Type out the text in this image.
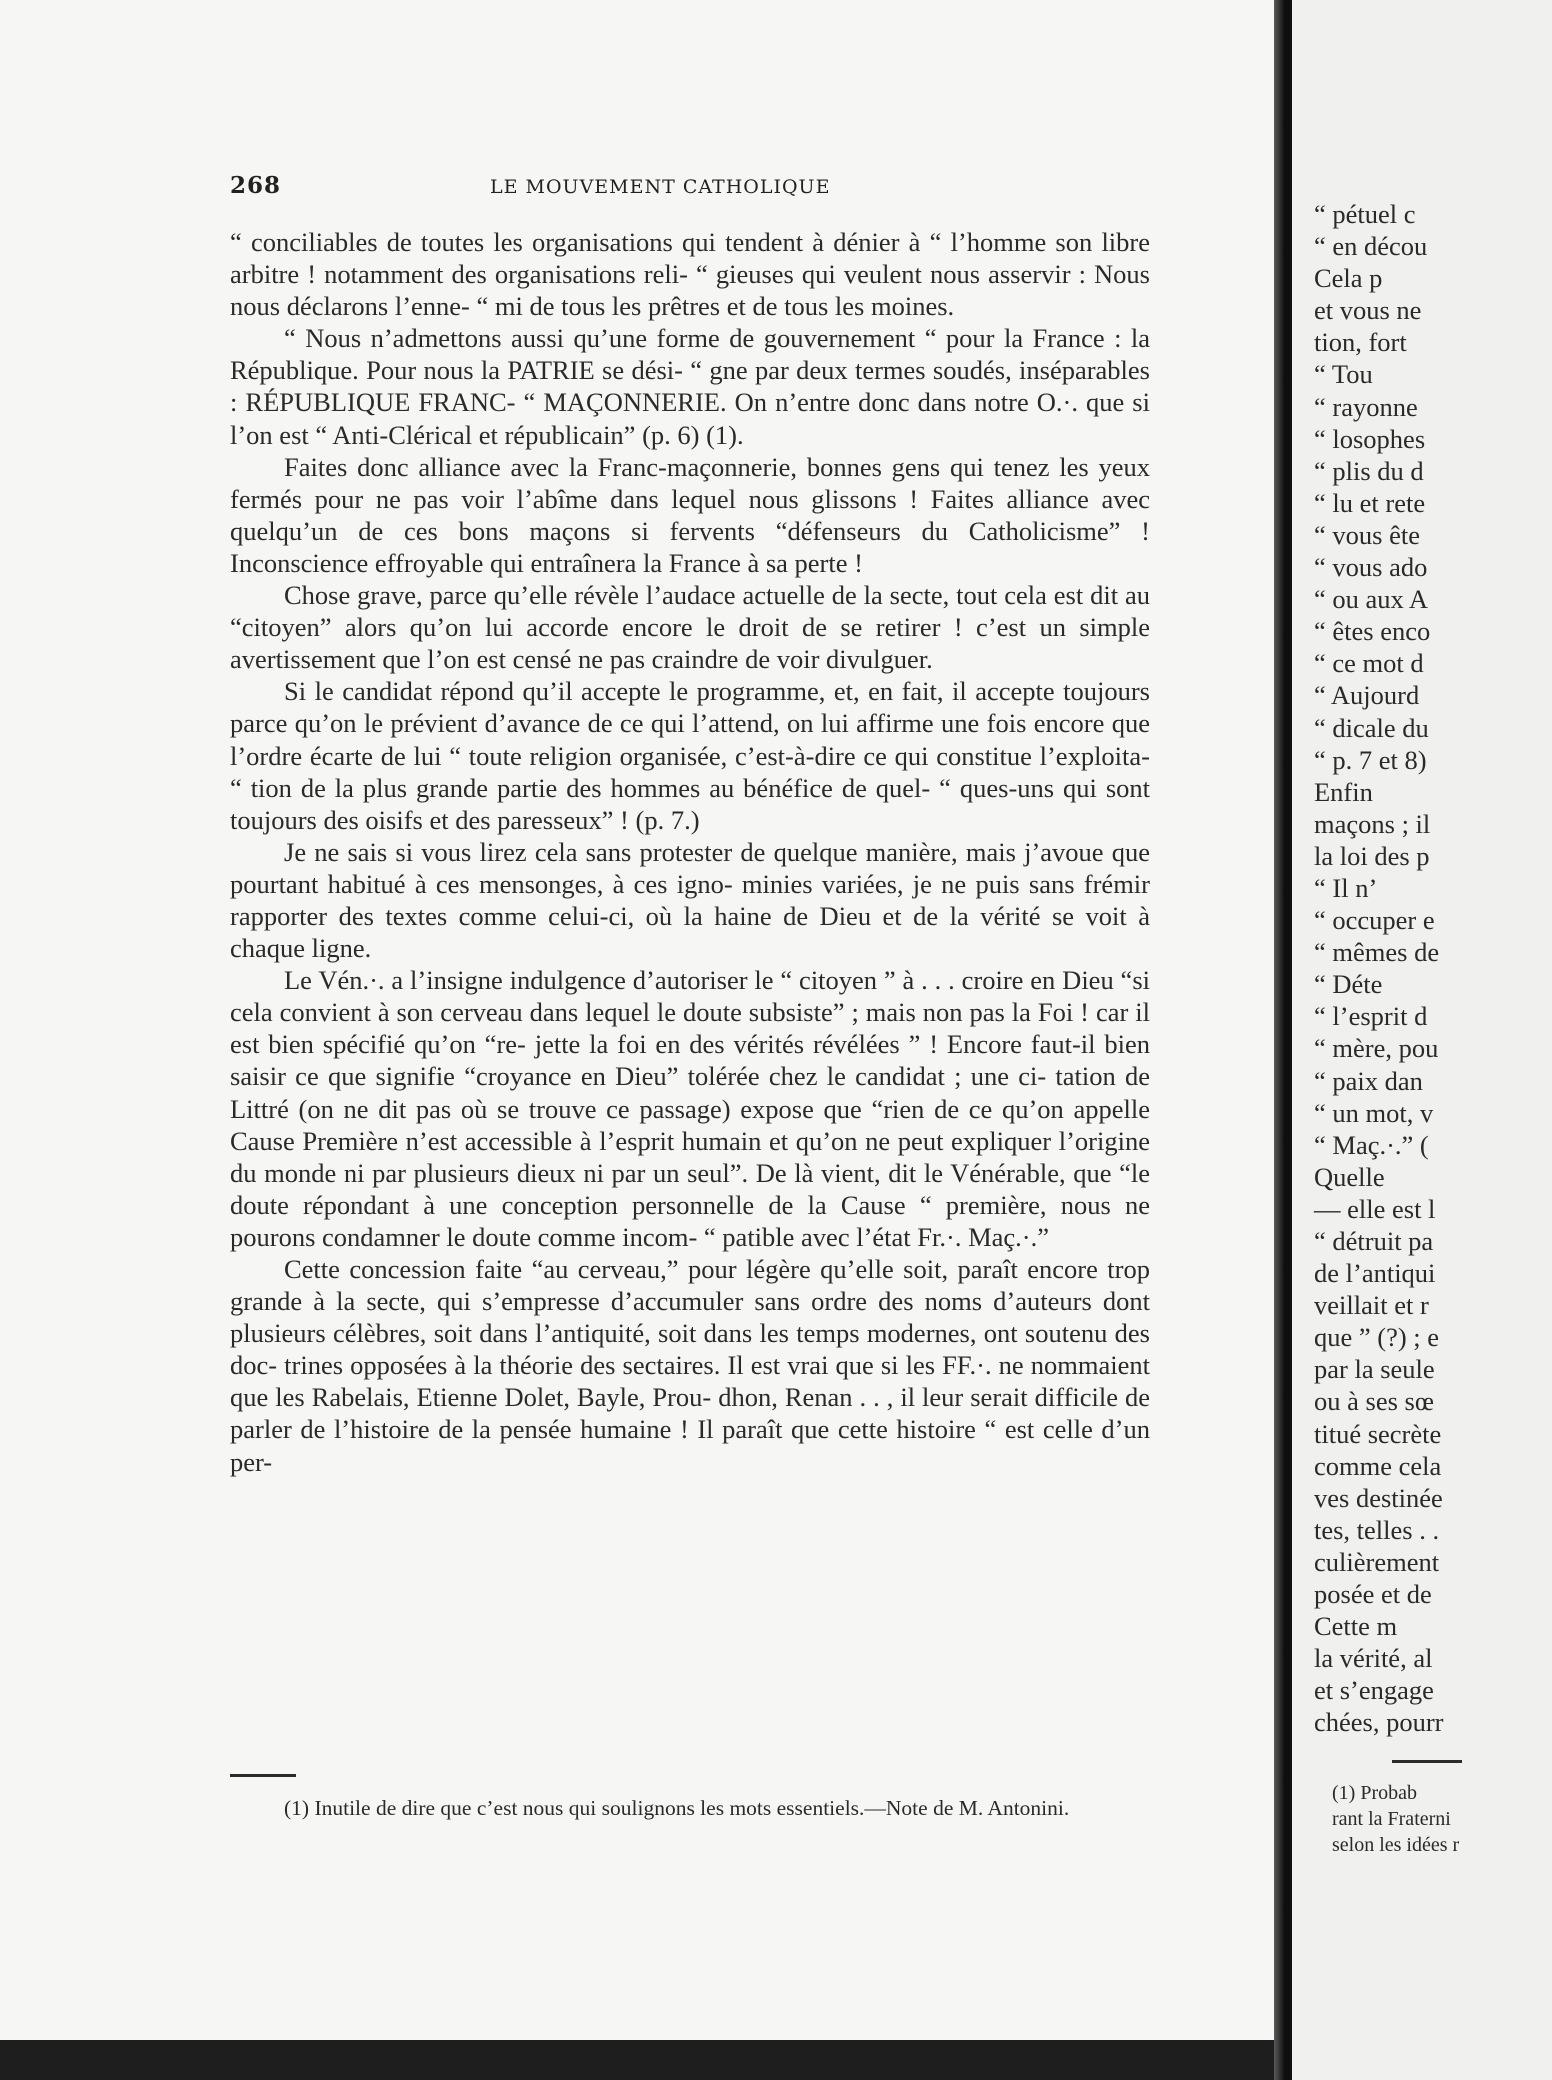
268	LE MOUVEMENT CATHOLIQUE

“ conciliables de toutes les organisations qui tendent à dénier à “ l’homme son libre arbitre ! notamment des organisations reli- “ gieuses qui veulent nous asservir : Nous nous déclarons l’enne- “ mi de tous les prêtres et de tous les moines.

“ Nous n’admettons aussi qu’une forme de gouvernement “ pour la France : la République. Pour nous la PATRIE se dési- “ gne par deux termes soudés, inséparables : RÉPUBLIQUE FRANC- “ MAÇONNERIE. On n’entre donc dans notre O.·. que si l’on est “ Anti-Clérical et républicain” (p. 6) (1).

Faites donc alliance avec la Franc-maçonnerie, bonnes gens qui tenez les yeux fermés pour ne pas voir l’abîme dans lequel nous glissons ! Faites alliance avec quelqu’un de ces bons maçons si fervents “défenseurs du Catholicisme” ! Inconscience effroyable qui entraînera la France à sa perte !

Chose grave, parce qu’elle révèle l’audace actuelle de la secte, tout cela est dit au “citoyen” alors qu’on lui accorde encore le droit de se retirer ! c’est un simple avertissement que l’on est censé ne pas craindre de voir divulguer.

Si le candidat répond qu’il accepte le programme, et, en fait, il accepte toujours parce qu’on le prévient d’avance de ce qui l’attend, on lui affirme une fois encore que l’ordre écarte de lui “ toute religion organisée, c’est-à-dire ce qui constitue l’exploita- “ tion de la plus grande partie des hommes au bénéfice de quel- “ ques-uns qui sont toujours des oisifs et des paresseux” ! (p. 7.)

Je ne sais si vous lirez cela sans protester de quelque manière, mais j’avoue que pourtant habitué à ces mensonges, à ces igno- minies variées, je ne puis sans frémir rapporter des textes comme celui-ci, où la haine de Dieu et de la vérité se voit à chaque ligne.

Le Vén.·. a l’insigne indulgence d’autoriser le “ citoyen ” à . . . croire en Dieu “si cela convient à son cerveau dans lequel le doute subsiste” ; mais non pas la Foi ! car il est bien spécifié qu’on “re- jette la foi en des vérités révélées ” ! Encore faut-il bien saisir ce que signifie “croyance en Dieu” tolérée chez le candidat ; une ci- tation de Littré (on ne dit pas où se trouve ce passage) expose que “rien de ce qu’on appelle Cause Première n’est accessible à l’esprit humain et qu’on ne peut expliquer l’origine du monde ni par plusieurs dieux ni par un seul”. De là vient, dit le Vénérable, que “le doute répondant à une conception personnelle de la Cause “ première, nous ne pourons condamner le doute comme incom- “ patible avec l’état Fr.·. Maç.·.”

Cette concession faite “au cerveau,” pour légère qu’elle soit, paraît encore trop grande à la secte, qui s’empresse d’accumuler sans ordre des noms d’auteurs dont plusieurs célèbres, soit dans l’antiquité, soit dans les temps modernes, ont soutenu des doc- trines opposées à la théorie des sectaires. Il est vrai que si les FF.·. ne nommaient que les Rabelais, Etienne Dolet, Bayle, Prou- dhon, Renan . . , il leur serait difficile de parler de l’histoire de la pensée humaine ! Il paraît que cette histoire “ est celle d’un per-

(1) Inutile de dire que c’est nous qui soulignons les mots essentiels.—Note de M. Antonini.

“ pétuel c
“ en décou
Cela p
et vous ne
tion, fort
“ Tou
“ rayonne
“ losophes
“ plis du d
“ lu et rete
“ vous ête
“ vous ado
“ ou aux A
“ êtes enco
“ ce mot d
“ Aujourd
“ dicale du
“ p. 7 et 8)
Enfin
maçons ; il
la loi des p
“ Il n’
“ occuper e
“ mêmes de
“ Déte
“ l’esprit d
“ mère, pou
“ paix dan
“ un mot, v
“ Maç.·.” (
Quelle
— elle est l
“ détruit pa
de l’antiqui
veillait et r
que ” (?) ; e
par la seule
ou à ses sœ
titué secrète
comme cela
ves destinée
tes, telles . .
culièrement
posée et de
Cette m
la vérité, al
et s’engage
chées, pourr
(1) Probab
rant la Fraterni
selon les idées r
